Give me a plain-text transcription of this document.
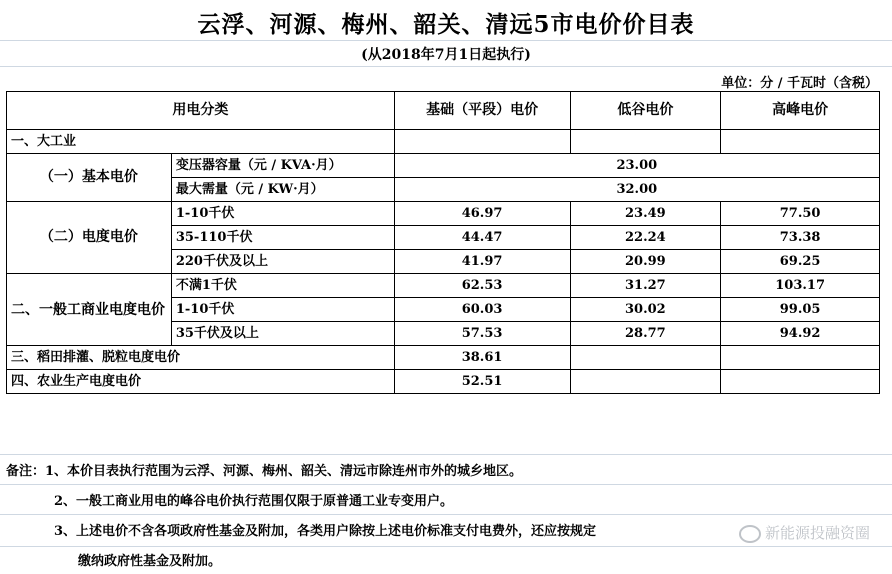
云浮、河源、梅州、韶关、清远5市电价价目表
(从2018年7月1日起执行)
单位：分 / 千瓦时（含税）
用电分类		基础（平段）电价	低谷电价	高峰电价
一、大工业				
（一）基本电价	变压器容量（元 / KVA·月）	23.00		
	最大需量（元 / KW·月）	32.00		
（二）电度电价	1-10千伏	46.97	23.49	77.50
	35-110千伏	44.47	22.24	73.38
	220千伏及以上	41.97	20.99	69.25
二、一般工商业电度电价	不满1千伏	62.53	31.27	103.17
	1-10千伏	60.03	30.02	99.05
	35千伏及以上	57.53	28.77	94.92
三、稻田排灌、脱粒电度电价		38.61		
四、农业生产电度电价		52.51		
备注：1、本价目表执行范围为云浮、河源、梅州、韶关、清远市除连州市外的城乡地区。
2、一般工商业用电的峰谷电价执行范围仅限于原普通工业专变用户。
3、上述电价不含各项政府性基金及附加，各类用户除按上述电价标准支付电费外，还应按规定
缴纳政府性基金及附加。
新能源投融资圈
